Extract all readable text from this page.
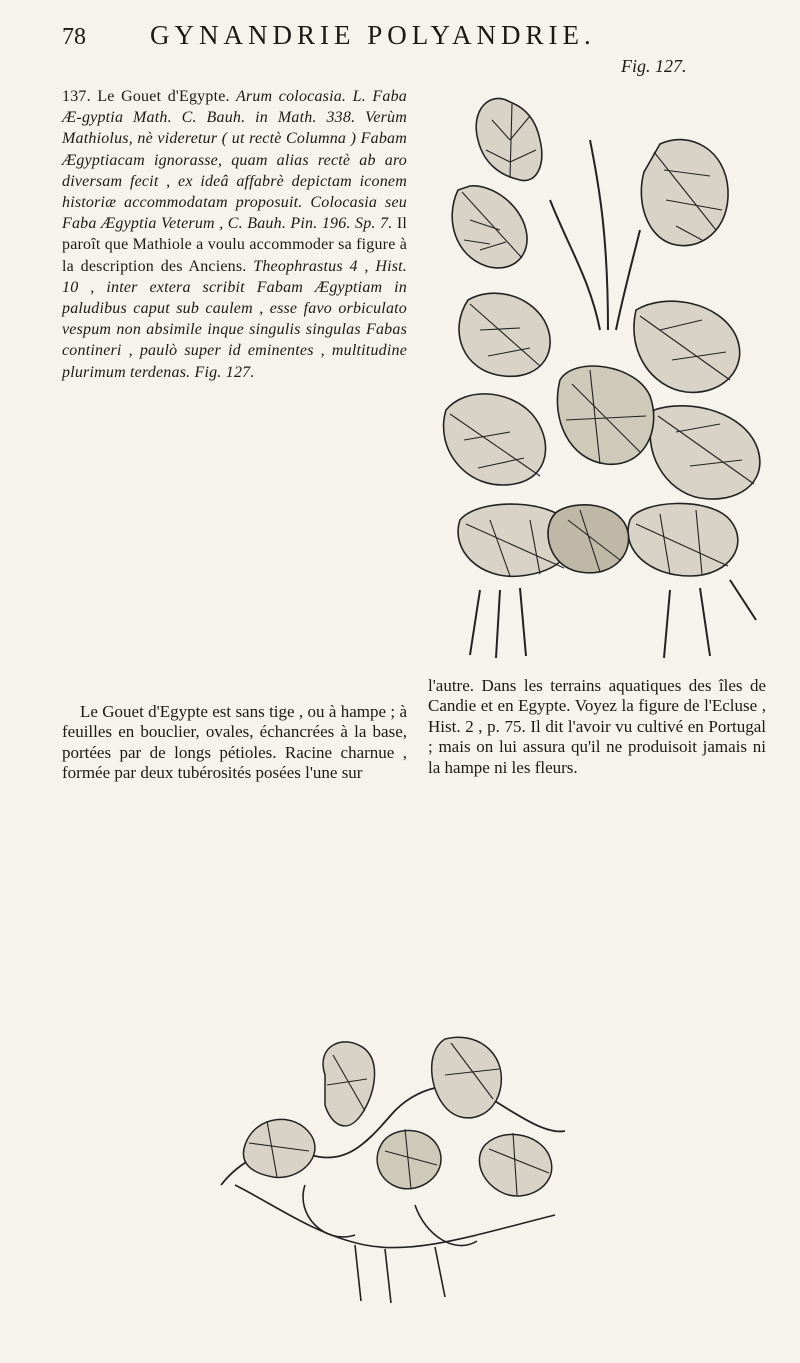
78 GYNANDRIE POLYANDRIE.
137. Le Gouet d'Egypte. Arum colocasia. L. Faba Æ-gyptia Math. C. Bauh. in Math. 338. Verùm Mathiolus, nè videretur ( ut rectè Columna ) Fabam Ægyptiacam ignorasse, quam alias rectè ab aro diversam fecit , ex ideâ affabrè depictam iconem historiæ accommodatam proposuit. Colocasia seu Faba Ægyptia Veterum , C. Bauh. Pin. 196. Sp. 7. Il paroît que Mathiole a voulu accommoder sa figure à la description des Anciens. Theophrastus 4 , Hist. 10 , inter extera scribit Fabam Ægyptiam in paludibus caput sub caulem , esse favo orbiculato vespum non absimile inque singulis singulas Fabas contineri , paulò super id eminentes , multitudine plurimum terdenas. Fig. 127.
Fig. 127.
Le Gouet d'Egypte est sans tige , ou à hampe ; à feuilles en bouclier, ovales, échancrées à la base, portées par de longs pétioles. Racine charnue , formée par deux tubérosités posées l'une sur
l'autre. Dans les terrains aquatiques des îles de Candie et en Egypte. Voyez la figure de l'Ecluse , Hist. 2 , p. 75. Il dit l'avoir vu cultivé en Portugal ; mais on lui assura qu'il ne produisoit jamais ni la hampe ni les fleurs.
